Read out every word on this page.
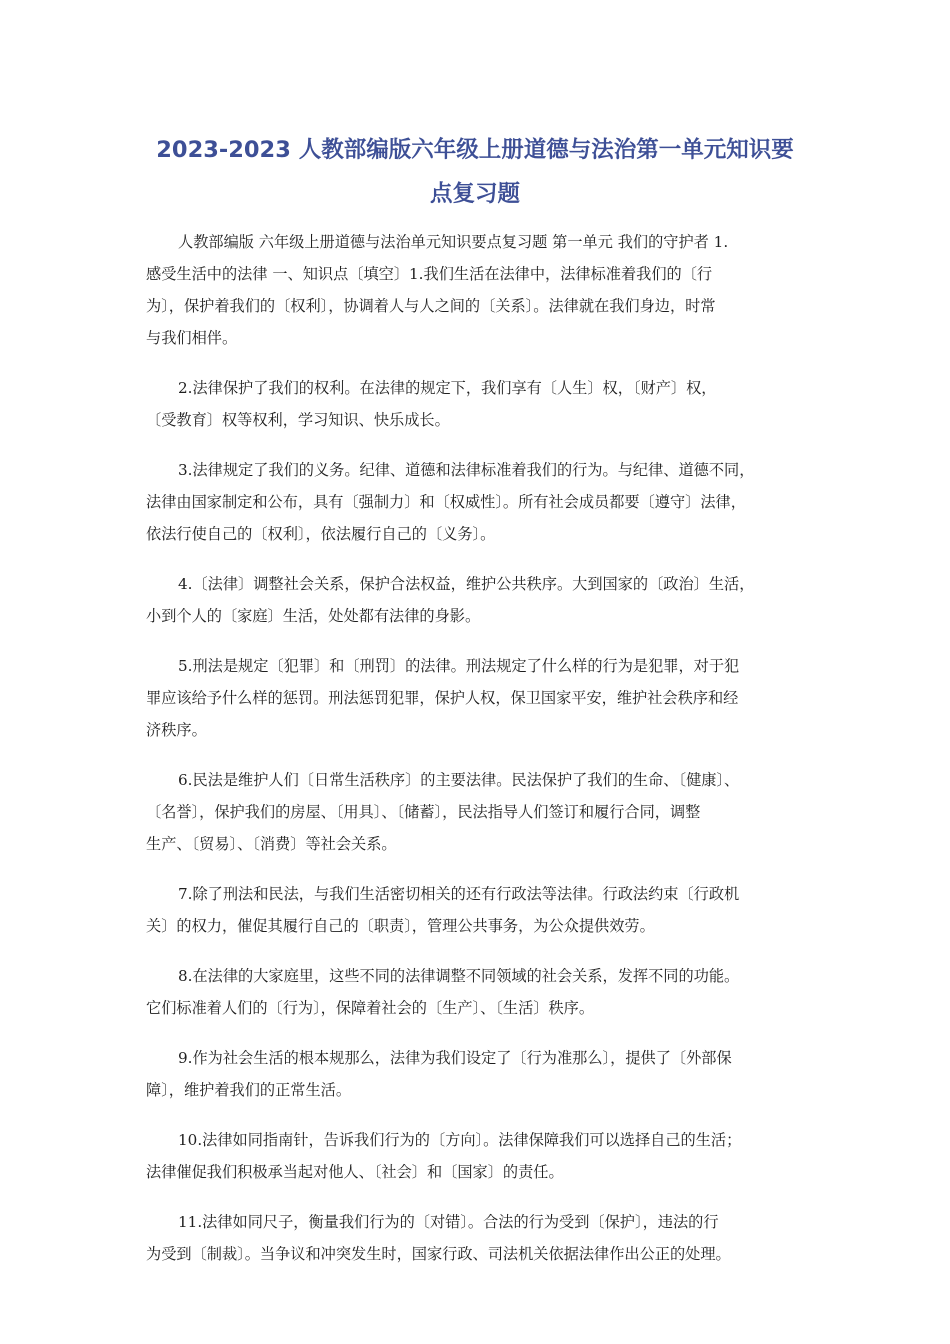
2023-2023 人教部编版六年级上册道德与法治第一单元知识要
点复习题

人教部编版 六年级上册道德与法治单元知识要点复习题 第一单元 我们的守护者 1.
感受生活中的法律 一、知识点〔填空〕1.我们生活在法律中，法律标准着我们的〔行
为〕，保护着我们的〔权利〕，协调着人与人之间的〔关系〕。法律就在我们身边，时常
与我们相伴。

2.法律保护了我们的权利。在法律的规定下，我们享有〔人生〕权，〔财产〕权，
〔受教育〕权等权利，学习知识、快乐成长。

3.法律规定了我们的义务。纪律、道德和法律标准着我们的行为。与纪律、道德不同，
法律由国家制定和公布，具有〔强制力〕和〔权威性〕。所有社会成员都要〔遵守〕法律，
依法行使自己的〔权利〕，依法履行自己的〔义务〕。

4.〔法律〕调整社会关系，保护合法权益，维护公共秩序。大到国家的〔政治〕生活，
小到个人的〔家庭〕生活，处处都有法律的身影。

5.刑法是规定〔犯罪〕和〔刑罚〕的法律。刑法规定了什么样的行为是犯罪，对于犯
罪应该给予什么样的惩罚。刑法惩罚犯罪，保护人权，保卫国家平安，维护社会秩序和经
济秩序。

6.民法是维护人们〔日常生活秩序〕的主要法律。民法保护了我们的生命、〔健康〕、
〔名誉〕，保护我们的房屋、〔用具〕、〔储蓄〕，民法指导人们签订和履行合同，调整
生产、〔贸易〕、〔消费〕等社会关系。

7.除了刑法和民法，与我们生活密切相关的还有行政法等法律。行政法约束〔行政机
关〕的权力，催促其履行自己的〔职责〕，管理公共事务，为公众提供效劳。

8.在法律的大家庭里，这些不同的法律调整不同领域的社会关系，发挥不同的功能。
它们标准着人们的〔行为〕，保障着社会的〔生产〕、〔生活〕秩序。

9.作为社会生活的根本规那么，法律为我们设定了〔行为准那么〕，提供了〔外部保
障〕，维护着我们的正常生活。

10.法律如同指南针，告诉我们行为的〔方向〕。法律保障我们可以选择自己的生活；
法律催促我们积极承当起对他人、〔社会〕和〔国家〕的责任。

11.法律如同尺子，衡量我们行为的〔对错〕。合法的行为受到〔保护〕，违法的行
为受到〔制裁〕。当争议和冲突发生时，国家行政、司法机关依据法律作出公正的处理。
